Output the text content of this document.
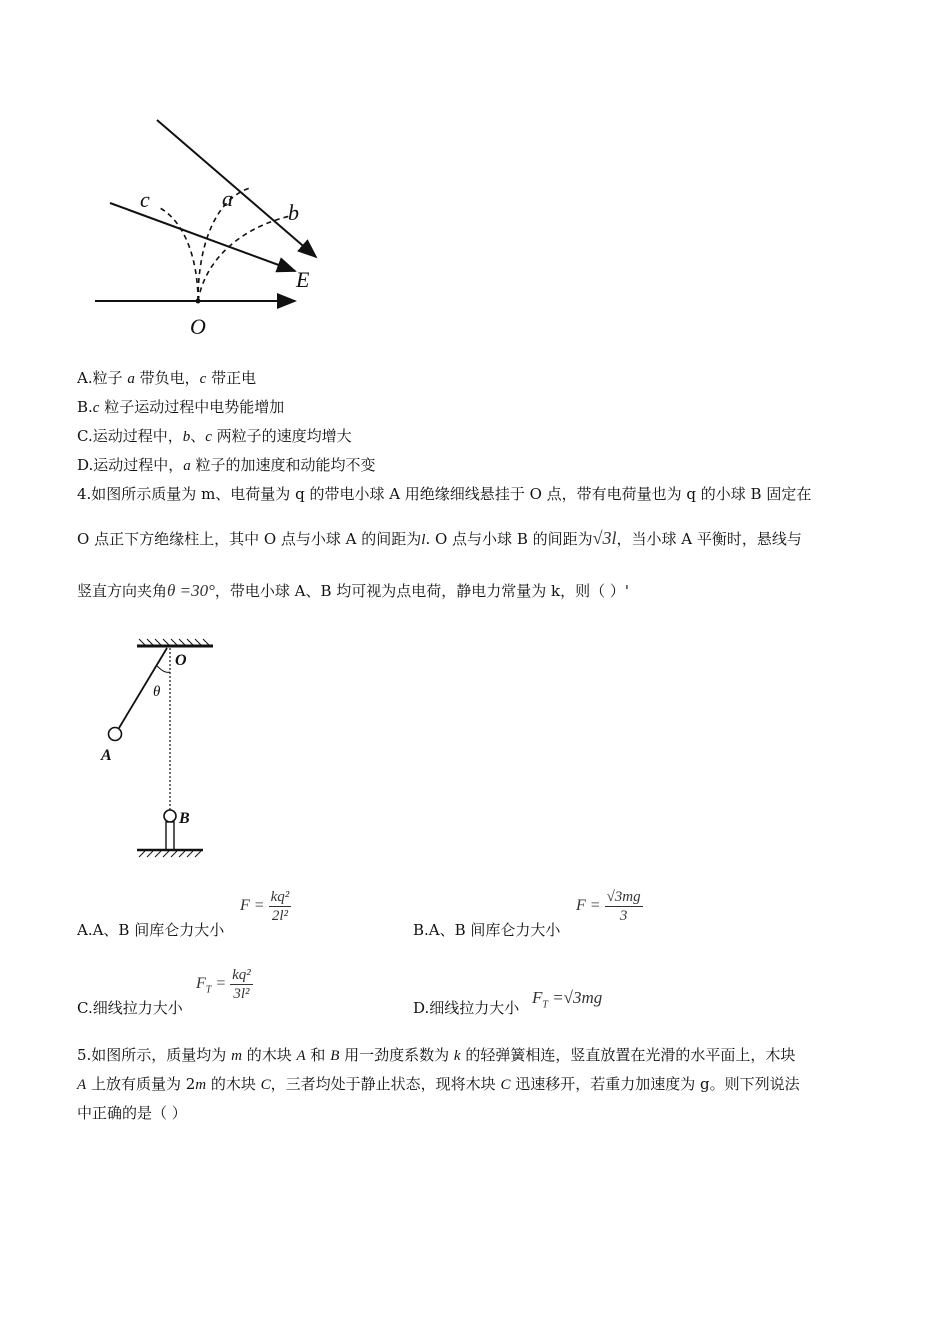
c	a
b
E
O
A.粒子 a 带负电，c 带正电
B.c 粒子运动过程中电势能增加
C.运动过程中，b、c 两粒子的速度均增大
D.运动过程中，a 粒子的加速度和动能均不变
4.如图所示质量为 m、电荷量为 q 的带电小球 A 用绝缘细线悬挂于 O 点，带有电荷量也为 q 的小球 B 固定在
O 点正下方绝缘柱上，其中 O 点与小球 A 的间距为l. O 点与小球 B 的间距为√3l，当小球 A 平衡时，悬线与
竖直方向夹角θ =30°，带电小球 A、B 均可视为点电荷，静电力常量为 k，则（ ）'
O
θ
A
B
A.A、B 间库仑力大小
$F = \frac{\text{kq²}}{\text{2l²}}$
B.A、B 间库仑力大小
$F = \frac{√3mg}{3}$
C.细线拉力大小
$F_T = \frac{\text{kq²}}{\text{3l²}}$
D.细线拉力大小
$F_T =√3mg$
5.如图所示，质量均为 m 的木块 A 和 B 用一劲度系数为 k 的轻弹簧相连，竖直放置在光滑的水平面上，木块
A 上放有质量为 2m 的木块 C，三者均处于静止状态，现将木块 C 迅速移开，若重力加速度为 g。则下列说法
中正确的是（ ）
